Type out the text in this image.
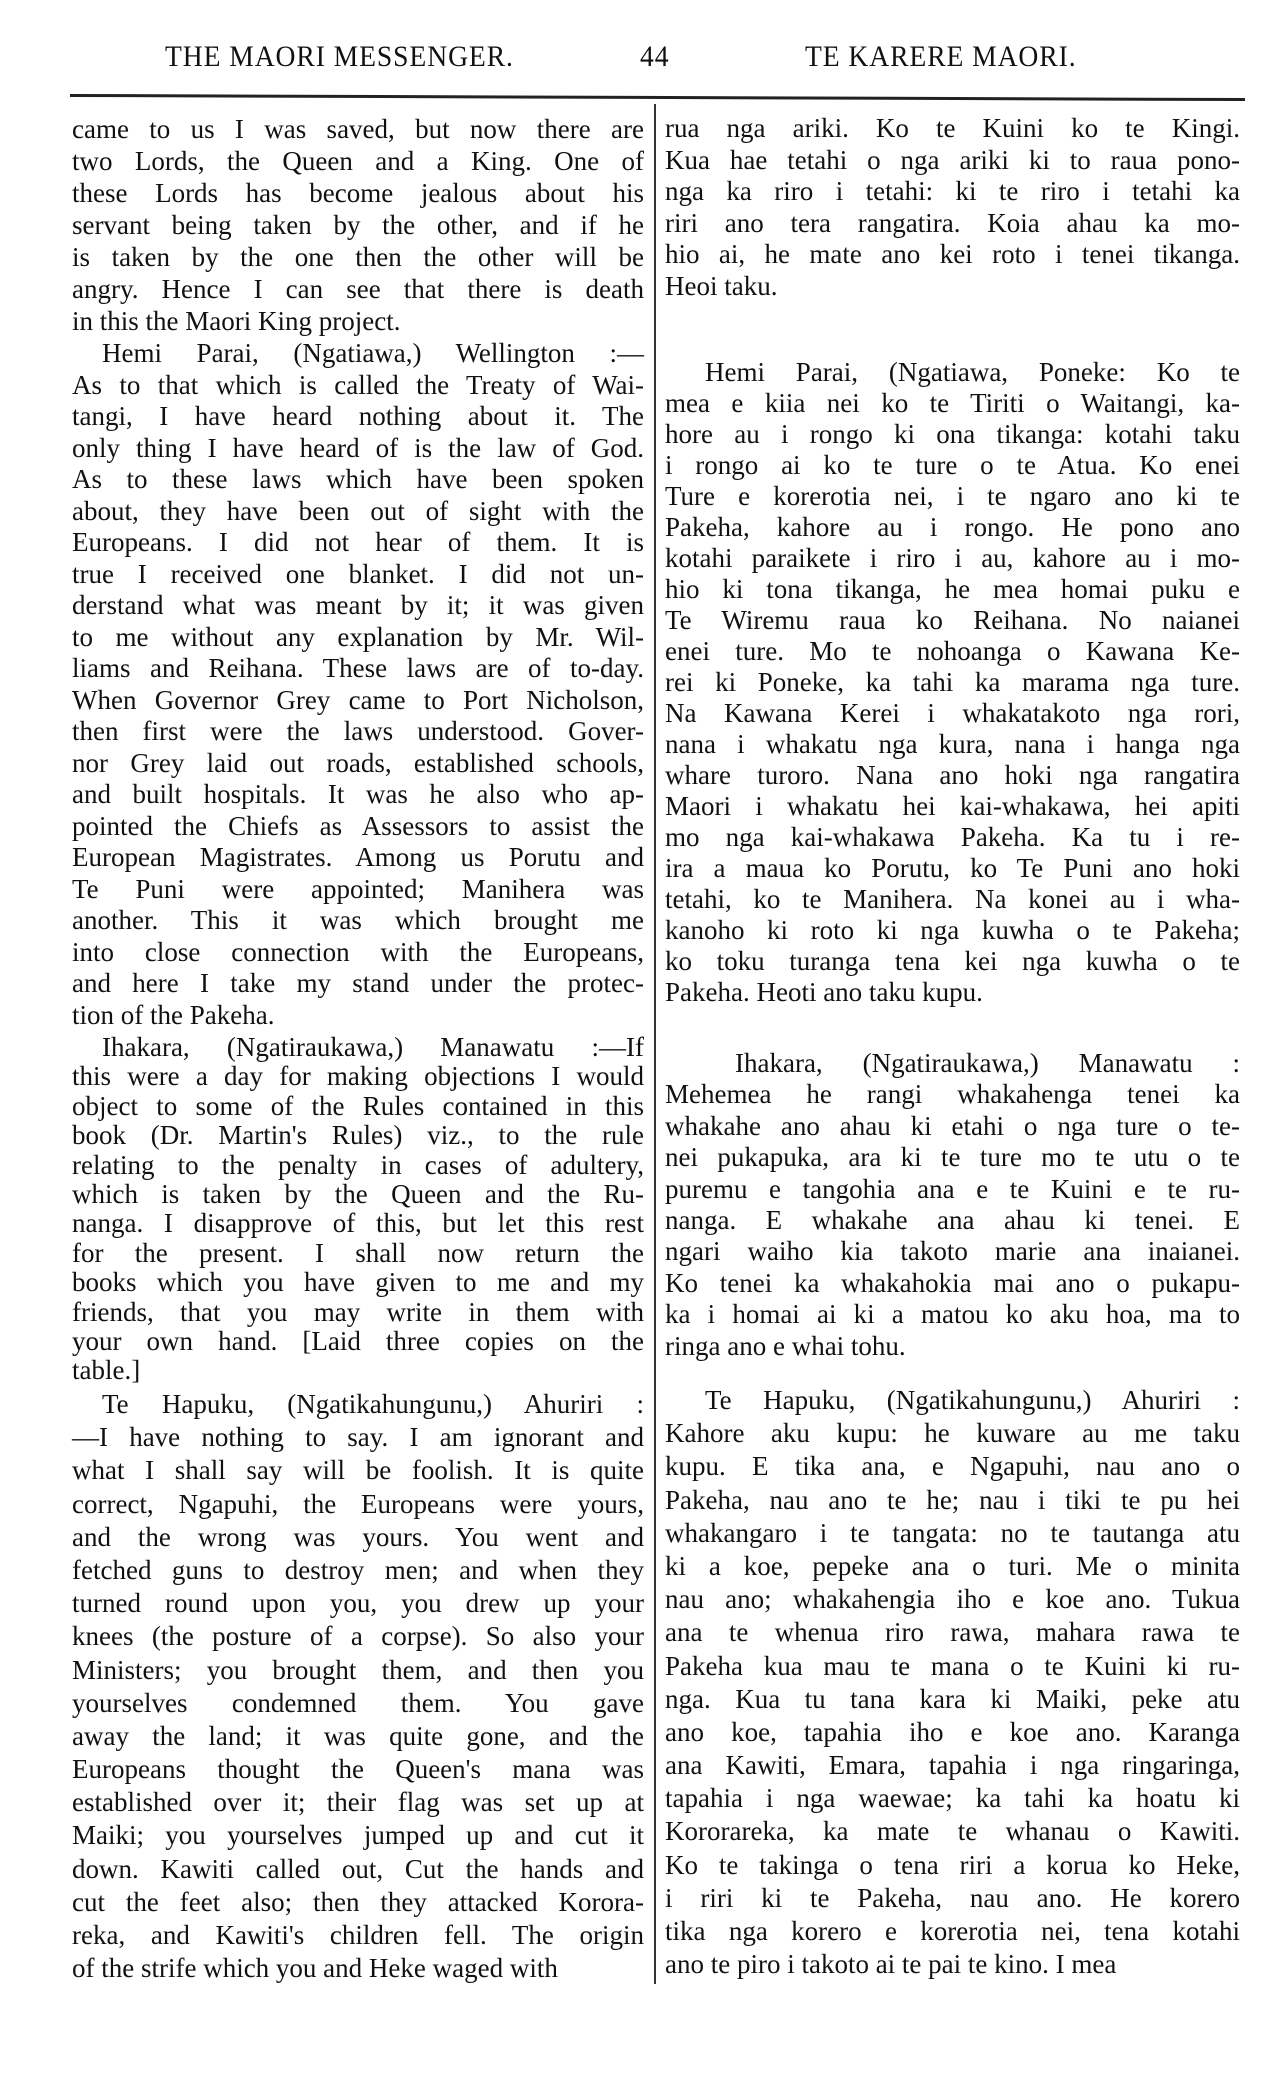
THE MAORI MESSENGER.	44	TE KARERE MAORI.
came to us I was saved, but now there are
two Lords, the Queen and a King. One of
these Lords has become jealous about his
servant being taken by the other, and if he
is taken by the one then the other will be
angry. Hence I can see that there is death
in this the Maori King project.
Hemi Parai, (Ngatiawa,) Wellington :—
As to that which is called the Treaty of Wai-
tangi, I have heard nothing about it. The
only thing I have heard of is the law of God.
As to these laws which have been spoken
about, they have been out of sight with the
Europeans. I did not hear of them. It is
true I received one blanket. I did not un-
derstand what was meant by it; it was given
to me without any explanation by Mr. Wil-
liams and Reihana. These laws are of to-day.
When Governor Grey came to Port Nicholson,
then first were the laws understood. Gover-
nor Grey laid out roads, established schools,
and built hospitals. It was he also who ap-
pointed the Chiefs as Assessors to assist the
European Magistrates. Among us Porutu and
Te Puni were appointed; Manihera was
another. This it was which brought me
into close connection with the Europeans,
and here I take my stand under the protec-
tion of the Pakeha.
Ihakara, (Ngatiraukawa,) Manawatu :—If
this were a day for making objections I would
object to some of the Rules contained in this
book (Dr. Martin's Rules) viz., to the rule
relating to the penalty in cases of adultery,
which is taken by the Queen and the Ru-
nanga. I disapprove of this, but let this rest
for the present. I shall now return the
books which you have given to me and my
friends, that you may write in them with
your own hand. [Laid three copies on the
table.]
Te Hapuku, (Ngatikahungunu,) Ahuriri :
—I have nothing to say. I am ignorant and
what I shall say will be foolish. It is quite
correct, Ngapuhi, the Europeans were yours,
and the wrong was yours. You went and
fetched guns to destroy men; and when they
turned round upon you, you drew up your
knees (the posture of a corpse). So also your
Ministers; you brought them, and then you
yourselves condemned them. You gave
away the land; it was quite gone, and the
Europeans thought the Queen's mana was
established over it; their flag was set up at
Maiki; you yourselves jumped up and cut it
down. Kawiti called out, Cut the hands and
cut the feet also; then they attacked Korora-
reka, and Kawiti's children fell. The origin
of the strife which you and Heke waged with
rua nga ariki. Ko te Kuini ko te Kingi.
Kua hae tetahi o nga ariki ki to raua pono-
nga ka riro i tetahi: ki te riro i tetahi ka
riri ano tera rangatira. Koia ahau ka mo-
hio ai, he mate ano kei roto i tenei tikanga.
Heoi taku.
Hemi Parai, (Ngatiawa, Poneke: Ko te
mea e kiia nei ko te Tiriti o Waitangi, ka-
hore au i rongo ki ona tikanga: kotahi taku
i rongo ai ko te ture o te Atua. Ko enei
Ture e korerotia nei, i te ngaro ano ki te
Pakeha, kahore au i rongo. He pono ano
kotahi paraikete i riro i au, kahore au i mo-
hio ki tona tikanga, he mea homai puku e
Te Wiremu raua ko Reihana. No naianei
enei ture. Mo te nohoanga o Kawana Ke-
rei ki Poneke, ka tahi ka marama nga ture.
Na Kawana Kerei i whakatakoto nga rori,
nana i whakatu nga kura, nana i hanga nga
whare turoro. Nana ano hoki nga rangatira
Maori i whakatu hei kai-whakawa, hei apiti
mo nga kai-whakawa Pakeha. Ka tu i re-
ira a maua ko Porutu, ko Te Puni ano hoki
tetahi, ko te Manihera. Na konei au i wha-
kanoho ki roto ki nga kuwha o te Pakeha;
ko toku turanga tena kei nga kuwha o te
Pakeha. Heoti ano taku kupu.
Ihakara, (Ngatiraukawa,) Manawatu :
Mehemea he rangi whakahenga tenei ka
whakahe ano ahau ki etahi o nga ture o te-
nei pukapuka, ara ki te ture mo te utu o te
puremu e tangohia ana e te Kuini e te ru-
nanga. E whakahe ana ahau ki tenei. E
ngari waiho kia takoto marie ana inaianei.
Ko tenei ka whakahokia mai ano o pukapu-
ka i homai ai ki a matou ko aku hoa, ma to
ringa ano e whai tohu.
Te Hapuku, (Ngatikahungunu,) Ahuriri :
Kahore aku kupu: he kuware au me taku
kupu. E tika ana, e Ngapuhi, nau ano o
Pakeha, nau ano te he; nau i tiki te pu hei
whakangaro i te tangata: no te tautanga atu
ki a koe, pepeke ana o turi. Me o minita
nau ano; whakahengia iho e koe ano. Tukua
ana te whenua riro rawa, mahara rawa te
Pakeha kua mau te mana o te Kuini ki ru-
nga. Kua tu tana kara ki Maiki, peke atu
ano koe, tapahia iho e koe ano. Karanga
ana Kawiti, Emara, tapahia i nga ringaringa,
tapahia i nga waewae; ka tahi ka hoatu ki
Kororareka, ka mate te whanau o Kawiti.
Ko te takinga o tena riri a korua ko Heke,
i riri ki te Pakeha, nau ano. He korero
tika nga korero e korerotia nei, tena kotahi
ano te piro i takoto ai te pai te kino. I mea
